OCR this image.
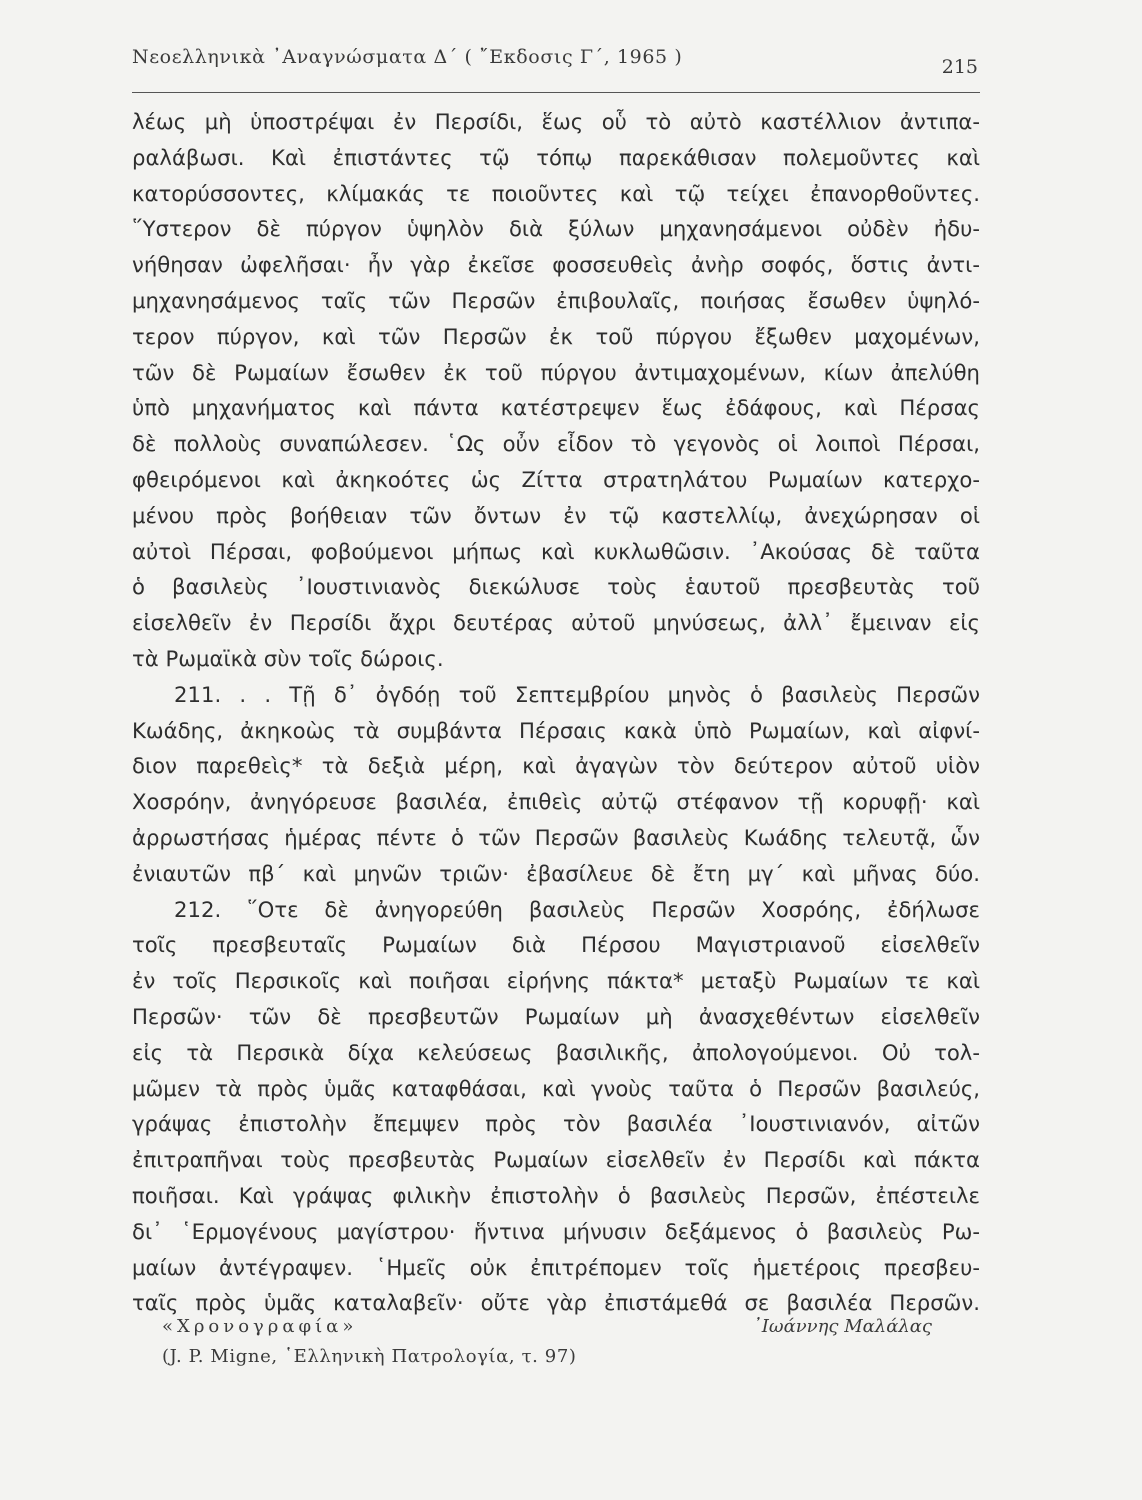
Νεοελληνικὰ ᾽Αναγνώσματα Δ΄ ( ῎Εκδοσις Γ΄, 1965 )	215
λέως μὴ ὑποστρέψαι ἐν Περσίδι, ἕως οὗ τὸ αὐτὸ καστέλλιον ἀντιπα-
ραλάβωσι. Καὶ ἐπιστάντες τῷ τόπῳ παρεκάθισαν πολεμοῦντες καὶ
κατορύσσοντες, κλίμακάς τε ποιοῦντες καὶ τῷ τείχει ἐπανορθοῦντες.
῞Υστερον δὲ πύργον ὑψηλὸν διὰ ξύλων μηχανησάμενοι οὐδὲν ἠδυ-
νήθησαν ὠφελῆσαι· ἦν γὰρ ἐκεῖσε φοσσευθεὶς ἀνὴρ σοφός, ὅστις ἀντι-
μηχανησάμενος ταῖς τῶν Περσῶν ἐπιβουλαῖς, ποιήσας ἔσωθεν ὑψηλό-
τερον πύργον, καὶ τῶν Περσῶν ἐκ τοῦ πύργου ἔξωθεν μαχομένων,
τῶν δὲ Ρωμαίων ἔσωθεν ἐκ τοῦ πύργου ἀντιμαχομένων, κίων ἀπελύθη
ὑπὸ μηχανήματος καὶ πάντα κατέστρεψεν ἕως ἐδάφους, καὶ Πέρσας
δὲ πολλοὺς συναπώλεσεν. ῾Ως οὖν εἶδον τὸ γεγονὸς οἱ λοιποὶ Πέρσαι,
φθειρόμενοι καὶ ἀκηκοότες ὡς Ζίττα στρατηλάτου Ρωμαίων κατερχο-
μένου πρὸς βοήθειαν τῶν ὄντων ἐν τῷ καστελλίῳ, ἀνεχώρησαν οἱ
αὐτοὶ Πέρσαι, φοβούμενοι μήπως καὶ κυκλωθῶσιν. ᾽Ακούσας δὲ ταῦτα
ὁ βασιλεὺς ᾽Ιουστινιανὸς διεκώλυσε τοὺς ἑαυτοῦ πρεσβευτὰς τοῦ
εἰσελθεῖν ἐν Περσίδι ἄχρι δευτέρας αὐτοῦ μηνύσεως, ἀλλ᾽ ἔμειναν εἰς
τὰ Ρωμαϊκὰ σὺν τοῖς δώροις.
211. . . Τῇ δ᾽ ὀγδόῃ τοῦ Σεπτεμβρίου μηνὸς ὁ βασιλεὺς Περσῶν
Κωάδης, ἀκηκοὼς τὰ συμβάντα Πέρσαις κακὰ ὑπὸ Ρωμαίων, καὶ αἰφνί-
διον παρεθεὶς* τὰ δεξιὰ μέρη, καὶ ἀγαγὼν τὸν δεύτερον αὐτοῦ υἱὸν
Χοσρόην, ἀνηγόρευσε βασιλέα, ἐπιθεὶς αὐτῷ στέφανον τῇ κορυφῇ· καὶ
ἀρρωστήσας ἡμέρας πέντε ὁ τῶν Περσῶν βασιλεὺς Κωάδης τελευτᾷ, ὧν
ἐνιαυτῶν πβ΄ καὶ μηνῶν τριῶν· ἐβασίλευε δὲ ἔτη μγ΄ καὶ μῆνας δύο.
212. ῞Οτε δὲ ἀνηγορεύθη βασιλεὺς Περσῶν Χοσρόης, ἐδήλωσε
τοῖς πρεσβευταῖς Ρωμαίων διὰ Πέρσου Μαγιστριανοῦ εἰσελθεῖν
ἐν τοῖς Περσικοῖς καὶ ποιῆσαι εἰρήνης πάκτα* μεταξὺ Ρωμαίων τε καὶ
Περσῶν· τῶν δὲ πρεσβευτῶν Ρωμαίων μὴ ἀνασχεθέντων εἰσελθεῖν
εἰς τὰ Περσικὰ δίχα κελεύσεως βασιλικῆς, ἀπολογούμενοι. Οὐ τολ-
μῶμεν τὰ πρὸς ὑμᾶς καταφθάσαι, καὶ γνοὺς ταῦτα ὁ Περσῶν βασιλεύς,
γράψας ἐπιστολὴν ἔπεμψεν πρὸς τὸν βασιλέα ᾽Ιουστινιανόν, αἰτῶν
ἐπιτραπῆναι τοὺς πρεσβευτὰς Ρωμαίων εἰσελθεῖν ἐν Περσίδι καὶ πάκτα
ποιῆσαι. Καὶ γράψας φιλικὴν ἐπιστολὴν ὁ βασιλεὺς Περσῶν, ἐπέστειλε
δι᾽ ῾Ερμογένους μαγίστρου· ἥντινα μήνυσιν δεξάμενος ὁ βασιλεὺς Ρω-
μαίων ἀντέγραψεν. ῾Ημεῖς οὐκ ἐπιτρέπομεν τοῖς ἡμετέροις πρεσβευ-
ταῖς πρὸς ὑμᾶς καταλαβεῖν· οὔτε γὰρ ἐπιστάμεθά σε βασιλέα Περσῶν.
«Χρονογραφία»	᾽Ιωάννης Μαλάλας
(J. P. Migne, ῾Ελληνικὴ Πατρολογία, τ. 97)
